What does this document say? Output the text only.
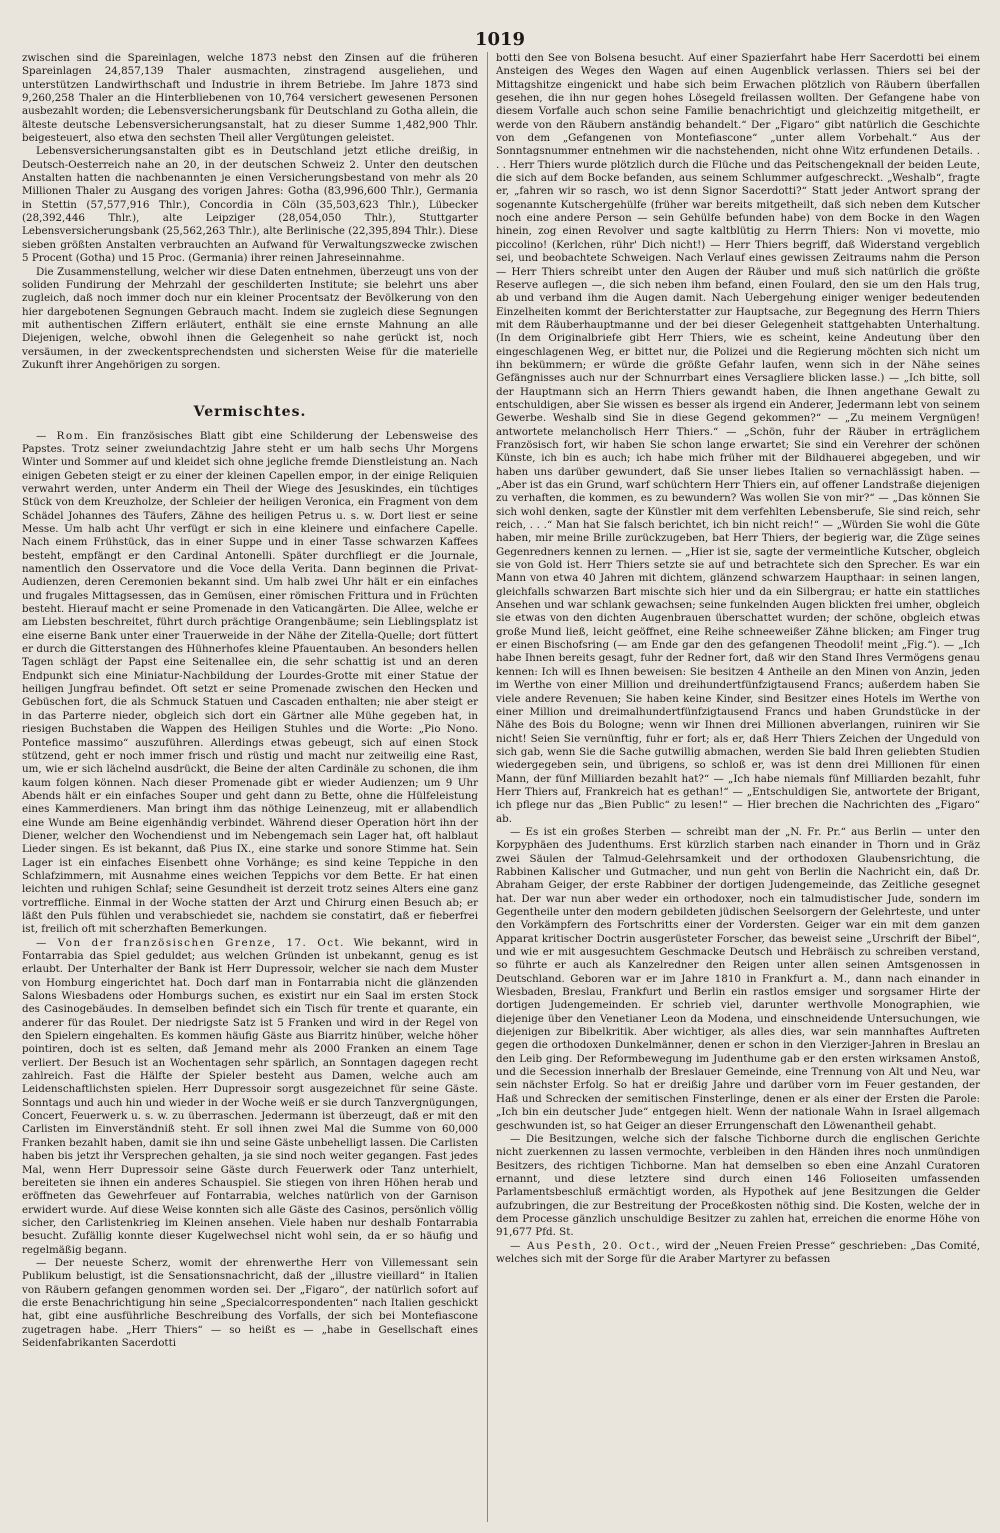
1019

zwischen sind die Spareinlagen, welche 1873 nebst den Zinsen auf die früheren Spareinlagen 24,857,139 Thaler ausmachten, zinstragend ausgeliehen, und unterstützen Landwirthschaft und Industrie in ihrem Betriebe. Im Jahre 1873 sind 9,260,258 Thaler an die Hinterbliebenen von 10,764 versichert gewesenen Personen ausbezahlt worden; die Lebensversicherungsbank für Deutschland zu Gotha allein, die älteste deutsche Lebensversicherungsanstalt, hat zu dieser Summe 1,482,900 Thlr. beigesteuert, also etwa den sechsten Theil aller Vergütungen geleistet.

Lebensversicherungsanstalten gibt es in Deutschland jetzt etliche dreißig, in Deutsch-Oesterreich nahe an 20, in der deutschen Schweiz 2. Unter den deutschen Anstalten hatten die nachbenannten je einen Versicherungsbestand von mehr als 20 Millionen Thaler zu Ausgang des vorigen Jahres: Gotha (83,996,600 Thlr.), Germania in Stettin (57,577,916 Thlr.), Concordia in Cöln (35,503,623 Thlr.), Lübecker (28,392,446 Thlr.), alte Leipziger (28,054,050 Thlr.), Stuttgarter Lebensversicherungsbank (25,562,263 Thlr.), alte Berlinische (22,395,894 Thlr.). Diese sieben größten Anstalten verbrauchten an Aufwand für Verwaltungszwecke zwischen 5 Procent (Gotha) und 15 Proc. (Germania) ihrer reinen Jahreseinnahme.

Die Zusammenstellung, welcher wir diese Daten entnehmen, überzeugt uns von der soliden Fundirung der Mehrzahl der geschilderten Institute; sie belehrt uns aber zugleich, daß noch immer doch nur ein kleiner Procentsatz der Bevölkerung von den hier dargebotenen Segnungen Gebrauch macht. Indem sie zugleich diese Segnungen mit authentischen Ziffern erläutert, enthält sie eine ernste Mahnung an alle Diejenigen, welche, obwohl ihnen die Gelegenheit so nahe gerückt ist, noch versäumen, in der zweckentsprechendsten und sichersten Weise für die materielle Zukunft ihrer Angehörigen zu sorgen.

Vermischtes.

— Rom. Ein französisches Blatt gibt eine Schilderung der Lebensweise des Papstes. Trotz seiner zweiundachtzig Jahre steht er um halb sechs Uhr Morgens Winter und Sommer auf und kleidet sich ohne jegliche fremde Dienstleistung an. Nach einigen Gebeten steigt er zu einer der kleinen Capellen empor, in der einige Reliquien verwahrt werden, unter Anderm ein Theil der Wiege des Jesuskindes, ein tüchtiges Stück von dem Kreuzholze, der Schleier der heiligen Veronica, ein Fragment von dem Schädel Johannes des Täufers, Zähne des heiligen Petrus u. s. w. Dort liest er seine Messe. Um halb acht Uhr verfügt er sich in eine kleinere und einfachere Capelle. Nach einem Frühstück, das in einer Suppe und in einer Tasse schwarzen Kaffees besteht, empfängt er den Cardinal Antonelli. Später durchfliegt er die Journale, namentlich den Osservatore und die Voce della Verita. Dann beginnen die Privat-Audienzen, deren Ceremonien bekannt sind. Um halb zwei Uhr hält er ein einfaches und frugales Mittagsessen, das in Gemüsen, einer römischen Frittura und in Früchten besteht. Hierauf macht er seine Promenade in den Vaticangärten. Die Allee, welche er am Liebsten beschreitet, führt durch prächtige Orangenbäume; sein Lieblingsplatz ist eine eiserne Bank unter einer Trauerweide in der Nähe der Zitella-Quelle; dort füttert er durch die Gitterstangen des Hühnerhofes kleine Pfauentauben. An besonders hellen Tagen schlägt der Papst eine Seitenallee ein, die sehr schattig ist und an deren Endpunkt sich eine Miniatur-Nachbildung der Lourdes-Grotte mit einer Statue der heiligen Jungfrau befindet. Oft setzt er seine Promenade zwischen den Hecken und Gebüschen fort, die als Schmuck Statuen und Cascaden enthalten; nie aber steigt er in das Parterre nieder, obgleich sich dort ein Gärtner alle Mühe gegeben hat, in riesigen Buchstaben die Wappen des Heiligen Stuhles und die Worte: „Pio Nono. Pontefice massimo“ auszuführen. Allerdings etwas gebeugt, sich auf einen Stock stützend, geht er noch immer frisch und rüstig und macht nur zeitweilig eine Rast, um, wie er sich lächelnd ausdrückt, die Beine der alten Cardinäle zu schonen, die ihm kaum folgen können. Nach dieser Promenade gibt er wieder Audienzen; um 9 Uhr Abends hält er ein einfaches Souper und geht dann zu Bette, ohne die Hülfeleistung eines Kammerdieners. Man bringt ihm das nöthige Leinenzeug, mit er allabendlich eine Wunde am Beine eigenhändig verbindet. Während dieser Operation hört ihn der Diener, welcher den Wochendienst und im Nebengemach sein Lager hat, oft halblaut Lieder singen. Es ist bekannt, daß Pius IX., eine starke und sonore Stimme hat. Sein Lager ist ein einfaches Eisenbett ohne Vorhänge; es sind keine Teppiche in den Schlafzimmern, mit Ausnahme eines weichen Teppichs vor dem Bette. Er hat einen leichten und ruhigen Schlaf; seine Gesundheit ist derzeit trotz seines Alters eine ganz vortreffliche. Einmal in der Woche statten der Arzt und Chirurg einen Besuch ab; er läßt den Puls fühlen und verabschiedet sie, nachdem sie constatirt, daß er fieberfrei ist, freilich oft mit scherzhaften Bemerkungen.

— Von der französischen Grenze, 17. Oct. Wie bekannt, wird in Fontarrabia das Spiel geduldet; aus welchen Gründen ist unbekannt, genug es ist erlaubt. Der Unterhalter der Bank ist Herr Dupressoir, welcher sie nach dem Muster von Homburg eingerichtet hat. Doch darf man in Fontarrabia nicht die glänzenden Salons Wiesbadens oder Homburgs suchen, es existirt nur ein Saal im ersten Stock des Casinogebäudes. In demselben befindet sich ein Tisch für trente et quarante, ein anderer für das Roulet. Der niedrigste Satz ist 5 Franken und wird in der Regel von den Spielern eingehalten. Es kommen häufig Gäste aus Biarritz hinüber, welche höher pointiren, doch ist es selten, daß Jemand mehr als 2000 Franken an einem Tage verliert. Der Besuch ist an Wochentagen sehr spärlich, an Sonntagen dagegen recht zahlreich. Fast die Hälfte der Spieler besteht aus Damen, welche auch am Leidenschaftlichsten spielen. Herr Dupressoir sorgt ausgezeichnet für seine Gäste. Sonntags und auch hin und wieder in der Woche weiß er sie durch Tanzvergnügungen, Concert, Feuerwerk u. s. w. zu überraschen. Jedermann ist überzeugt, daß er mit den Carlisten im Einverständniß steht. Er soll ihnen zwei Mal die Summe von 60,000 Franken bezahlt haben, damit sie ihn und seine Gäste unbehelligt lassen. Die Carlisten haben bis jetzt ihr Versprechen gehalten, ja sie sind noch weiter gegangen. Fast jedes Mal, wenn Herr Dupressoir seine Gäste durch Feuerwerk oder Tanz unterhielt, bereiteten sie ihnen ein anderes Schauspiel. Sie stiegen von ihren Höhen herab und eröffneten das Gewehrfeuer auf Fontarrabia, welches natürlich von der Garnison erwidert wurde. Auf diese Weise konnten sich alle Gäste des Casinos, persönlich völlig sicher, den Carlistenkrieg im Kleinen ansehen. Viele haben nur deshalb Fontarrabia besucht. Zufällig konnte dieser Kugelwechsel nicht wohl sein, da er so häufig und regelmäßig begann.

— Der neueste Scherz, womit der ehrenwerthe Herr von Villemessant sein Publikum belustigt, ist die Sensationsnachricht, daß der „illustre vieillard“ in Italien von Räubern gefangen genommen worden sei. Der „Figaro“, der natürlich sofort auf die erste Benachrichtigung hin seine „Specialcorrespondenten“ nach Italien geschickt hat, gibt eine ausführliche Beschreibung des Vorfalls, der sich bei Montefiascone zugetragen habe. „Herr Thiers“ — so heißt es — „habe in Gesellschaft eines Seidenfabrikanten Sacerdotti

botti den See von Bolsena besucht. Auf einer Spazierfahrt habe Herr Sacerdotti bei einem Ansteigen des Weges den Wagen auf einen Augenblick verlassen. Thiers sei bei der Mittagshitze eingenickt und habe sich beim Erwachen plötzlich von Räubern überfallen gesehen, die ihn nur gegen hohes Lösegeld freilassen wollten. Der Gefangene habe von diesem Vorfalle auch schon seine Familie benachrichtigt und gleichzeitig mitgetheilt, er werde von den Räubern anständig behandelt.“ Der „Figaro“ gibt natürlich die Geschichte von dem „Gefangenen von Montefiascone“ „unter allem Vorbehalt.“ Aus der Sonntagsnummer entnehmen wir die nachstehenden, nicht ohne Witz erfundenen Details. . . . Herr Thiers wurde plötzlich durch die Flüche und das Peitschengeknall der beiden Leute, die sich auf dem Bocke befanden, aus seinem Schlummer aufgeschreckt. „Weshalb“, fragte er, „fahren wir so rasch, wo ist denn Signor Sacerdotti?“ Statt jeder Antwort sprang der sogenannte Kutschergehülfe (früher war bereits mitgetheilt, daß sich neben dem Kutscher noch eine andere Person — sein Gehülfe befunden habe) von dem Bocke in den Wagen hinein, zog einen Revolver und sagte kaltblütig zu Herrn Thiers: Non vi movette, mio piccolino! (Kerlchen, rühr' Dich nicht!) — Herr Thiers begriff, daß Widerstand vergeblich sei, und beobachtete Schweigen. Nach Verlauf eines gewissen Zeitraums nahm die Person — Herr Thiers schreibt unter den Augen der Räuber und muß sich natürlich die größte Reserve auflegen —, die sich neben ihm befand, einen Foulard, den sie um den Hals trug, ab und verband ihm die Augen damit. Nach Uebergehung einiger weniger bedeutenden Einzelheiten kommt der Berichterstatter zur Hauptsache, zur Begegnung des Herrn Thiers mit dem Räuberhauptmanne und der bei dieser Gelegenheit stattgehabten Unterhaltung. (In dem Originalbriefe gibt Herr Thiers, wie es scheint, keine Andeutung über den eingeschlagenen Weg, er bittet nur, die Polizei und die Regierung möchten sich nicht um ihn bekümmern; er würde die größte Gefahr laufen, wenn sich in der Nähe seines Gefängnisses auch nur der Schnurrbart eines Versagliere blicken lasse.) — „Ich bitte, soll der Hauptmann sich an Herrn Thiers gewandt haben, die Ihnen angethane Gewalt zu entschuldigen, aber Sie wissen es besser als irgend ein Anderer, Jedermann lebt von seinem Gewerbe. Weshalb sind Sie in diese Gegend gekommen?“ — „Zu meinem Vergnügen! antwortete melancholisch Herr Thiers.“ — „Schön, fuhr der Räuber in erträglichem Französisch fort, wir haben Sie schon lange erwartet; Sie sind ein Verehrer der schönen Künste, ich bin es auch; ich habe mich früher mit der Bildhauerei abgegeben, und wir haben uns darüber gewundert, daß Sie unser liebes Italien so vernachlässigt haben. — „Aber ist das ein Grund, warf schüchtern Herr Thiers ein, auf offener Landstraße diejenigen zu verhaften, die kommen, es zu bewundern? Was wollen Sie von mir?“ — „Das können Sie sich wohl denken, sagte der Künstler mit dem verfehlten Lebensberufe, Sie sind reich, sehr reich, . . .“ Man hat Sie falsch berichtet, ich bin nicht reich!“ — „Würden Sie wohl die Güte haben, mir meine Brille zurückzugeben, bat Herr Thiers, der begierig war, die Züge seines Gegenredners kennen zu lernen. — „Hier ist sie, sagte der vermeintliche Kutscher, obgleich sie von Gold ist. Herr Thiers setzte sie auf und betrachtete sich den Sprecher. Es war ein Mann von etwa 40 Jahren mit dichtem, glänzend schwarzem Haupthaar: in seinen langen, gleichfalls schwarzen Bart mischte sich hier und da ein Silbergrau; er hatte ein stattliches Ansehen und war schlank gewachsen; seine funkelnden Augen blickten frei umher, obgleich sie etwas von den dichten Augenbrauen überschattet wurden; der schöne, obgleich etwas große Mund ließ, leicht geöffnet, eine Reihe schneeweißer Zähne blicken; am Finger trug er einen Bischofsring (— am Ende gar den des gefangenen Theodoli! meint „Fig.“). — „Ich habe Ihnen bereits gesagt, fuhr der Redner fort, daß wir den Stand Ihres Vermögens genau kennen: Ich will es Ihnen beweisen: Sie besitzen 4 Antheile an den Minen von Anzin, jeden im Werthe von einer Million und dreihundertfünfzigtausend Francs; außerdem haben Sie viele andere Revenuen; Sie haben keine Kinder, sind Besitzer eines Hotels im Werthe von einer Million und dreimalhundertfünfzigtausend Francs und haben Grundstücke in der Nähe des Bois du Bologne; wenn wir Ihnen drei Millionen abverlangen, ruiniren wir Sie nicht! Seien Sie vernünftig, fuhr er fort; als er, daß Herr Thiers Zeichen der Ungeduld von sich gab, wenn Sie die Sache gutwillig abmachen, werden Sie bald Ihren geliebten Studien wiedergegeben sein, und übrigens, so schloß er, was ist denn drei Millionen für einen Mann, der fünf Milliarden bezahlt hat?“ — „Ich habe niemals fünf Milliarden bezahlt, fuhr Herr Thiers auf, Frankreich hat es gethan!“ — „Entschuldigen Sie, antwortete der Brigant, ich pflege nur das „Bien Public“ zu lesen!“ — Hier brechen die Nachrichten des „Figaro“ ab.

— Es ist ein großes Sterben — schreibt man der „N. Fr. Pr.“ aus Berlin — unter den Korpyphäen des Judenthums. Erst kürzlich starben nach einander in Thorn und in Gräz zwei Säulen der Talmud-Gelehrsamkeit und der orthodoxen Glaubensrichtung, die Rabbinen Kalischer und Gutmacher, und nun geht von Berlin die Nachricht ein, daß Dr. Abraham Geiger, der erste Rabbiner der dortigen Judengemeinde, das Zeitliche gesegnet hat. Der war nun aber weder ein orthodoxer, noch ein talmudistischer Jude, sondern im Gegentheile unter den modern gebildeten jüdischen Seelsorgern der Gelehrteste, und unter den Vorkämpfern des Fortschritts einer der Vordersten. Geiger war ein mit dem ganzen Apparat kritischer Doctrin ausgerüsteter Forscher, das beweist seine „Urschrift der Bibel“, und wie er mit ausgesuchtem Geschmacke Deutsch und Hebräisch zu schreiben verstand, so führte er auch als Kanzelredner den Reigen unter allen seinen Amtsgenossen in Deutschland. Geboren war er im Jahre 1810 in Frankfurt a. M., dann nach einander in Wiesbaden, Breslau, Frankfurt und Berlin ein rastlos emsiger und sorgsamer Hirte der dortigen Judengemeinden. Er schrieb viel, darunter werthvolle Monographien, wie diejenige über den Venetianer Leon da Modena, und einschneidende Untersuchungen, wie diejenigen zur Bibelkritik. Aber wichtiger, als alles dies, war sein mannhaftes Auftreten gegen die orthodoxen Dunkelmänner, denen er schon in den Vierziger-Jahren in Breslau an den Leib ging. Der Reformbewegung im Judenthume gab er den ersten wirksamen Anstoß, und die Secession innerhalb der Breslauer Gemeinde, eine Trennung von Alt und Neu, war sein nächster Erfolg. So hat er dreißig Jahre und darüber vorn im Feuer gestanden, der Haß und Schrecken der semitischen Finsterlinge, denen er als einer der Ersten die Parole: „Ich bin ein deutscher Jude“ entgegen hielt. Wenn der nationale Wahn in Israel allgemach geschwunden ist, so hat Geiger an dieser Errungenschaft den Löwenantheil gehabt.

— Die Besitzungen, welche sich der falsche Tichborne durch die englischen Gerichte nicht zuerkennen zu lassen vermochte, verbleiben in den Händen ihres noch unmündigen Besitzers, des richtigen Tichborne. Man hat demselben so eben eine Anzahl Curatoren ernannt, und diese letztere sind durch einen 146 Folioseiten umfassenden Parlamentsbeschluß ermächtigt worden, als Hypothek auf jene Besitzungen die Gelder aufzubringen, die zur Bestreitung der Proceßkosten nöthig sind. Die Kosten, welche der in dem Processe gänzlich unschuldige Besitzer zu zahlen hat, erreichen die enorme Höhe von 91,677 Pfd. St.

— Aus Pesth, 20. Oct., wird der „Neuen Freien Presse“ geschrieben: „Das Comité, welches sich mit der Sorge für die Araber Martyrer zu befassen
